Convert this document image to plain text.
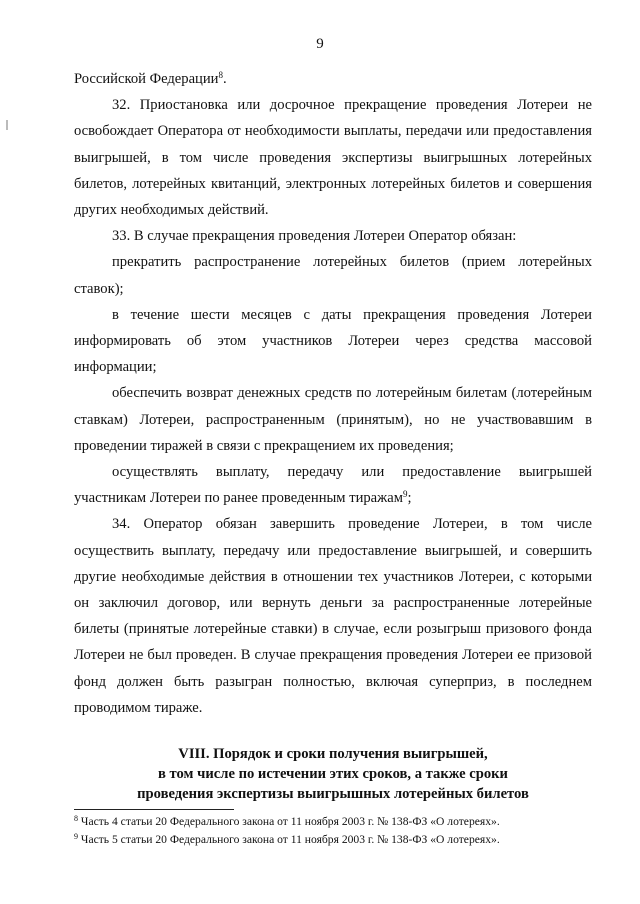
9

Российской Федерации$^8$.

32. Приостановка или досрочное прекращение проведения Лотереи не освобождает Оператора от необходимости выплаты, передачи или предоставления выигрышей, в том числе проведения экспертизы выигрышных лотерейных билетов, лотерейных квитанций, электронных лотерейных билетов и совершения других необходимых действий.

33. В случае прекращения проведения Лотереи Оператор обязан:

прекратить распространение лотерейных билетов (прием лотерейных ставок);

в течение шести месяцев с даты прекращения проведения Лотереи информировать об этом участников Лотереи через средства массовой информации;

обеспечить возврат денежных средств по лотерейным билетам (лотерейным ставкам) Лотереи, распространенным (принятым), но не участвовавшим в проведении тиражей в связи с прекращением их проведения;

осуществлять выплату, передачу или предоставление выигрышей участникам Лотереи по ранее проведенным тиражам$^9$;

34. Оператор обязан завершить проведение Лотереи, в том числе осуществить выплату, передачу или предоставление выигрышей, и совершить другие необходимые действия в отношении тех участников Лотереи, с которыми он заключил договор, или вернуть деньги за распространенные лотерейные билеты (принятые лотерейные ставки) в случае, если розыгрыш призового фонда Лотереи не был проведен. В случае прекращения проведения Лотереи ее призовой фонд должен быть разыгран полностью, включая суперприз, в последнем проводимом тираже.

VIII. Порядок и сроки получения выигрышей,
в том числе по истечении этих сроков, а также сроки
проведения экспертизы выигрышных лотерейных билетов

$^8$ Часть 4 статьи 20 Федерального закона от 11 ноября 2003 г. № 138-ФЗ «О лотереях».

$^9$ Часть 5 статьи 20 Федерального закона от 11 ноября 2003 г. № 138-ФЗ «О лотереях».
